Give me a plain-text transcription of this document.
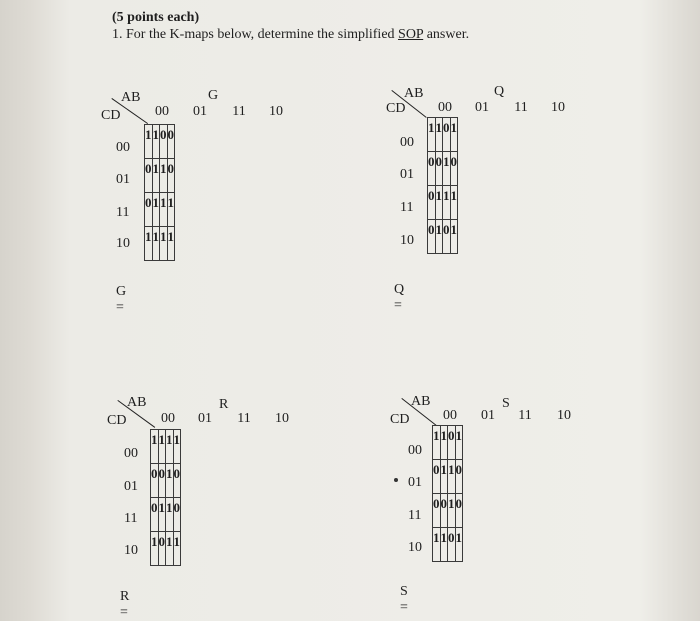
(5 points each)
1. For the K-maps below, determine the simplified SOP answer.
G
AB
CD	00	01	11	10
00
01
11
10
1	1	0	0

0	1	1	0

0	1	1	1

1	1	1	1
G =
Q
AB
CD	00	01	11	10
00
01
11
10
1	1	0	1

0	0	1	0

0	1	1	1

0	1	0	1
Q =
R
AB
CD	00	01	11	10
00
01
11
10
1	1	1	1

0	0	1	0

0	1	1	0

1	0	1	1
R =
S
AB
CD	00	01	11	10
00
01
11
10
1	1	0	1

0	1	1	0

0	0	1	0

1	1	0	1
S =
